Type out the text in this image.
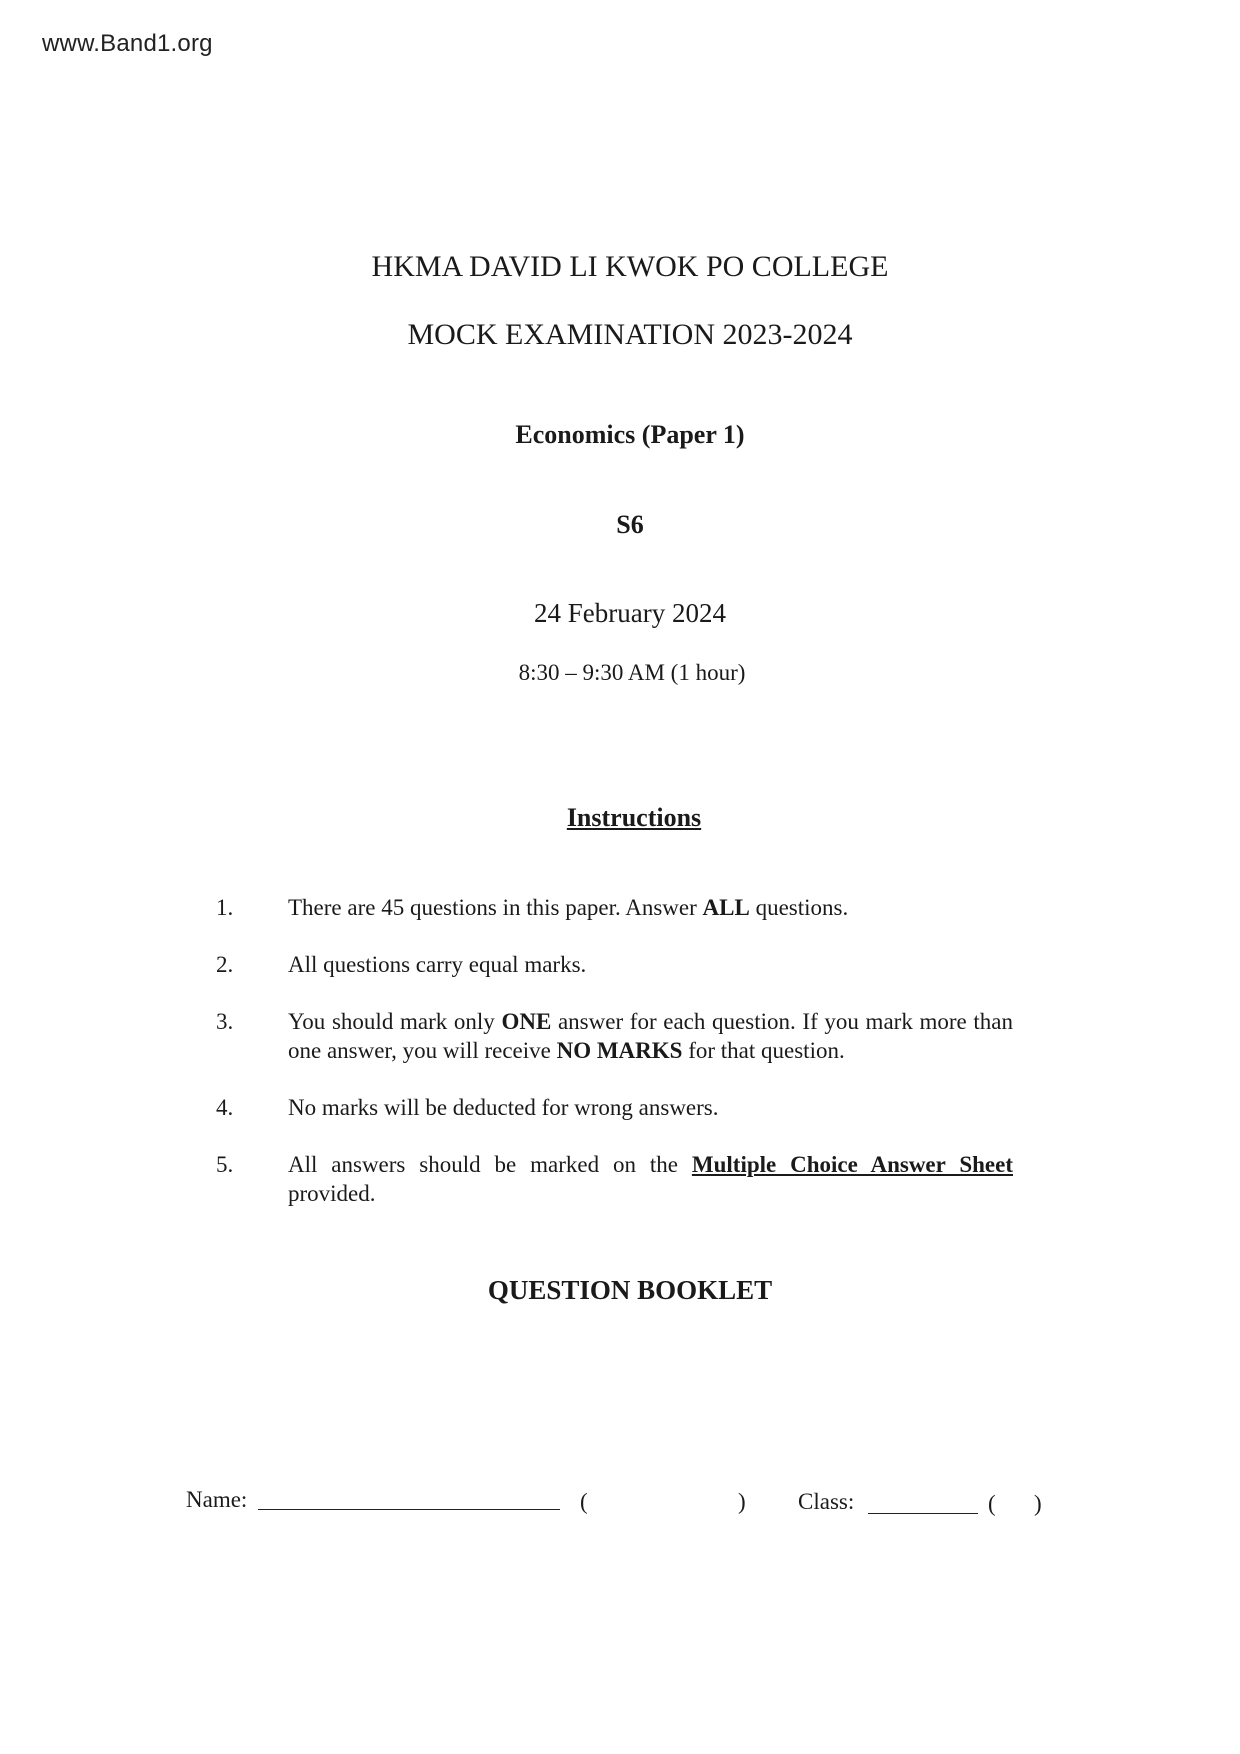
www.Band1.org
HKMA DAVID LI KWOK PO COLLEGE
MOCK EXAMINATION 2023-2024
Economics (Paper 1)
S6
24 February 2024
8:30 – 9:30 AM (1 hour)
Instructions
1.	There are 45 questions in this paper. Answer ALL questions.
2.	All questions carry equal marks.
3.	You should mark only ONE answer for each question. If you mark more than one answer, you will receive NO MARKS for that question.
4.	No marks will be deducted for wrong answers.
5.	All answers should be marked on the Multiple Choice Answer Sheet provided.
QUESTION BOOKLET
Name:	(	) Class:	( )
